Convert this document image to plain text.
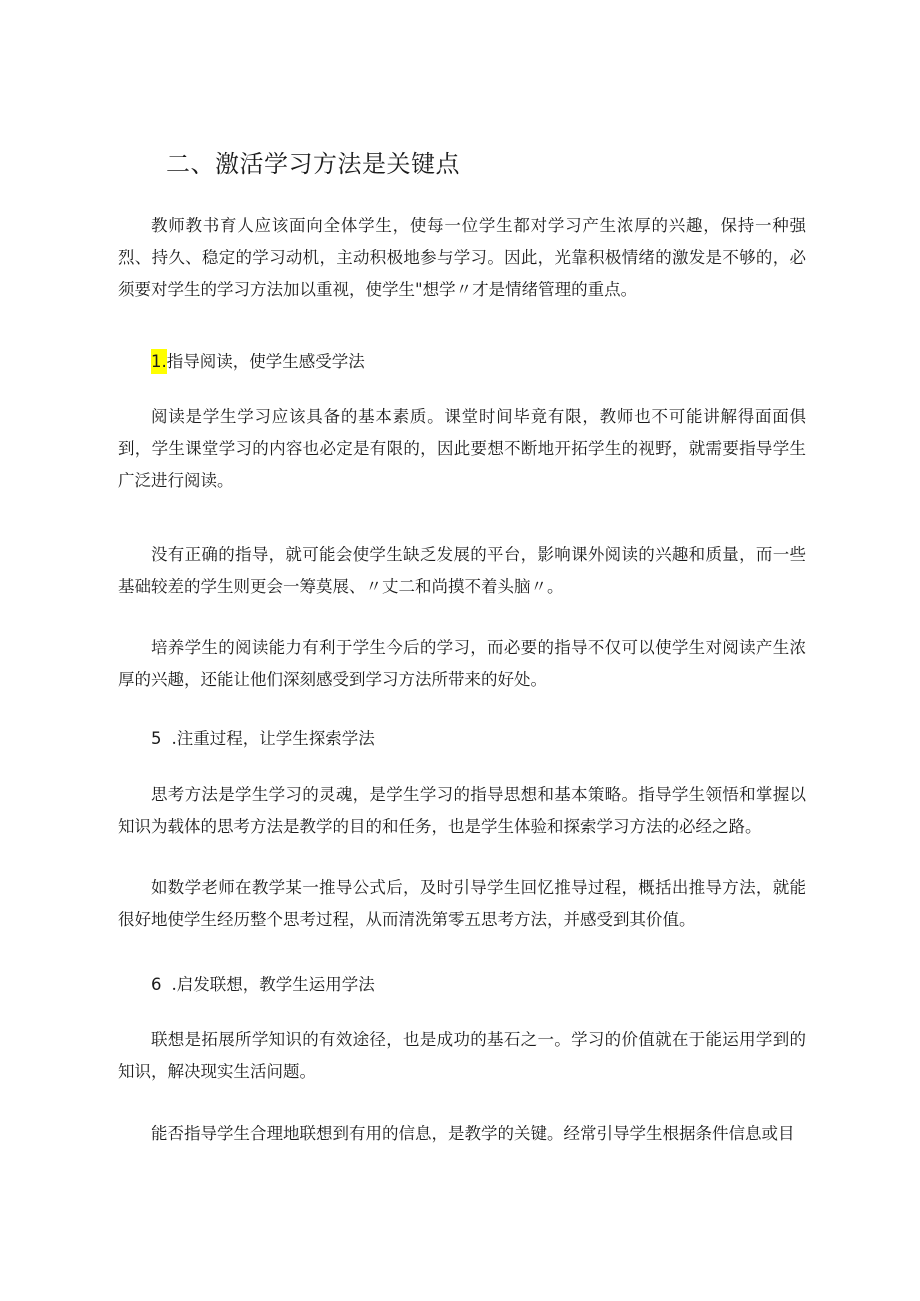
二、激活学习方法是关键点
教师教书育人应该面向全体学生，使每一位学生都对学习产生浓厚的兴趣，保持一种强烈、持久、稳定的学习动机，主动积极地参与学习。因此，光靠积极情绪的激发是不够的，必须要对学生的学习方法加以重视，使学生"想学〃才是情绪管理的重点。
1.指导阅读，使学生感受学法
阅读是学生学习应该具备的基本素质。课堂时间毕竟有限，教师也不可能讲解得面面俱到，学生课堂学习的内容也必定是有限的，因此要想不断地开拓学生的视野，就需要指导学生广泛进行阅读。
没有正确的指导，就可能会使学生缺乏发展的平台，影响课外阅读的兴趣和质量，而一些基础较差的学生则更会一筹莫展、〃丈二和尚摸不着头脑〃。
培养学生的阅读能力有利于学生今后的学习，而必要的指导不仅可以使学生对阅读产生浓厚的兴趣，还能让他们深刻感受到学习方法所带来的好处。
5 .注重过程，让学生探索学法
思考方法是学生学习的灵魂，是学生学习的指导思想和基本策略。指导学生领悟和掌握以知识为载体的思考方法是教学的目的和任务，也是学生体验和探索学习方法的必经之路。
如数学老师在教学某一推导公式后，及时引导学生回忆推导过程，概括出推导方法，就能很好地使学生经历整个思考过程，从而清洗第零五思考方法，并感受到其价值。
6 .启发联想，教学生运用学法
联想是拓展所学知识的有效途径，也是成功的基石之一。学习的价值就在于能运用学到的知识，解决现实生活问题。
能否指导学生合理地联想到有用的信息，是教学的关键。经常引导学生根据条件信息或目
